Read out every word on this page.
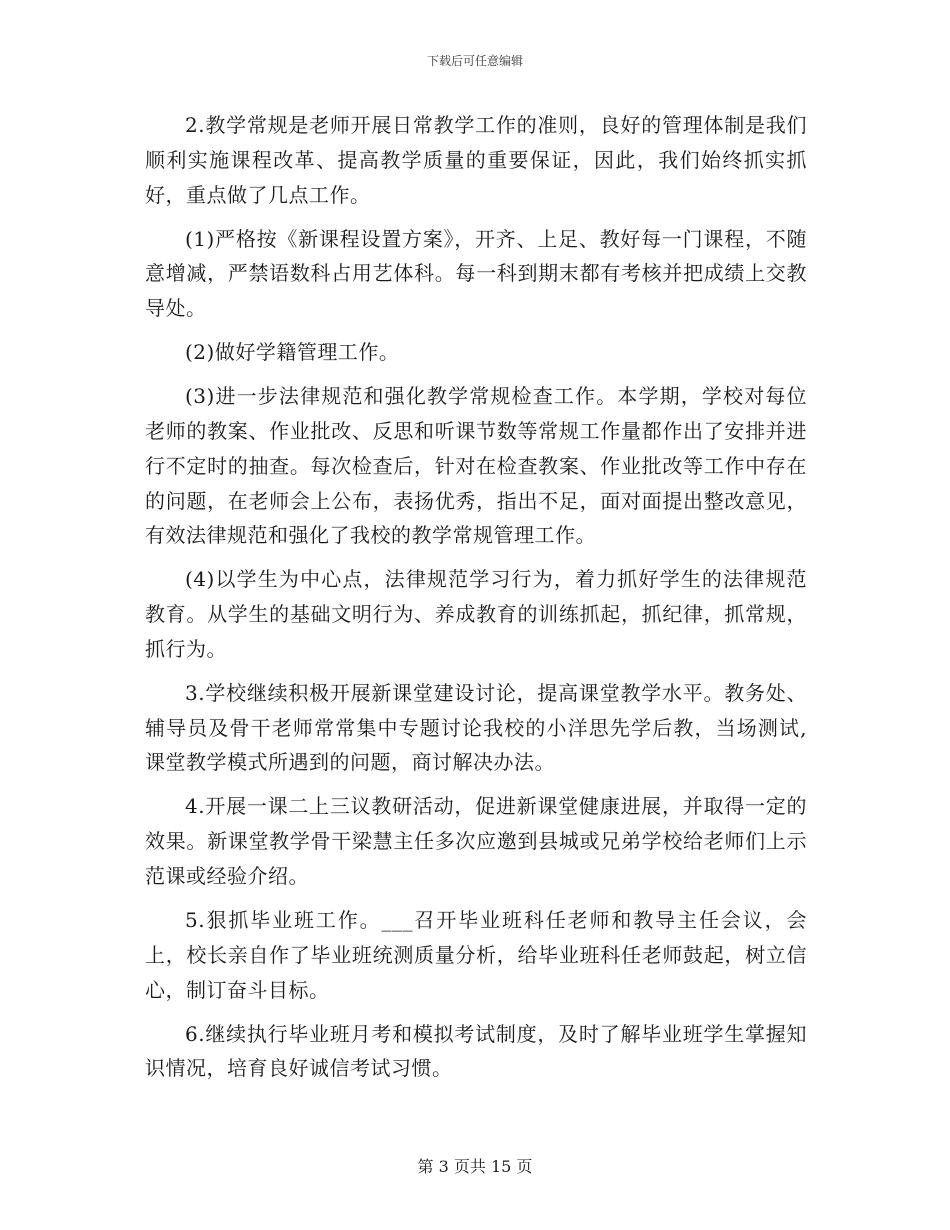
下载后可任意编辑

2.教学常规是老师开展日常教学工作的准则，良好的管理体制是我们顺利实施课程改革、提高教学质量的重要保证，因此，我们始终抓实抓好，重点做了几点工作。

(1)严格按《新课程设置方案》，开齐、上足、教好每一门课程，不随意增减，严禁语数科占用艺体科。每一科到期末都有考核并把成绩上交教导处。

(2)做好学籍管理工作。

(3)进一步法律规范和强化教学常规检查工作。本学期，学校对每位老师的教案、作业批改、反思和听课节数等常规工作量都作出了安排并进行不定时的抽查。每次检查后，针对在检查教案、作业批改等工作中存在的问题，在老师会上公布，表扬优秀，指出不足，面对面提出整改意见，有效法律规范和强化了我校的教学常规管理工作。

(4)以学生为中心点，法律规范学习行为，着力抓好学生的法律规范教育。从学生的基础文明行为、养成教育的训练抓起，抓纪律，抓常规，抓行为。

3.学校继续积极开展新课堂建设讨论，提高课堂教学水平。教务处、辅导员及骨干老师常常集中专题讨论我校的小洋思先学后教，当场测试,课堂教学模式所遇到的问题，商讨解决办法。

4.开展一课二上三议教研活动，促进新课堂健康进展，并取得一定的效果。新课堂教学骨干梁慧主任多次应邀到县城或兄弟学校给老师们上示范课或经验介绍。

5.狠抓毕业班工作。___召开毕业班科任老师和教导主任会议，会上，校长亲自作了毕业班统测质量分析，给毕业班科任老师鼓起，树立信心，制订奋斗目标。

6.继续执行毕业班月考和模拟考试制度，及时了解毕业班学生掌握知识情况，培育良好诚信考试习惯。

第 3 页共 15 页
